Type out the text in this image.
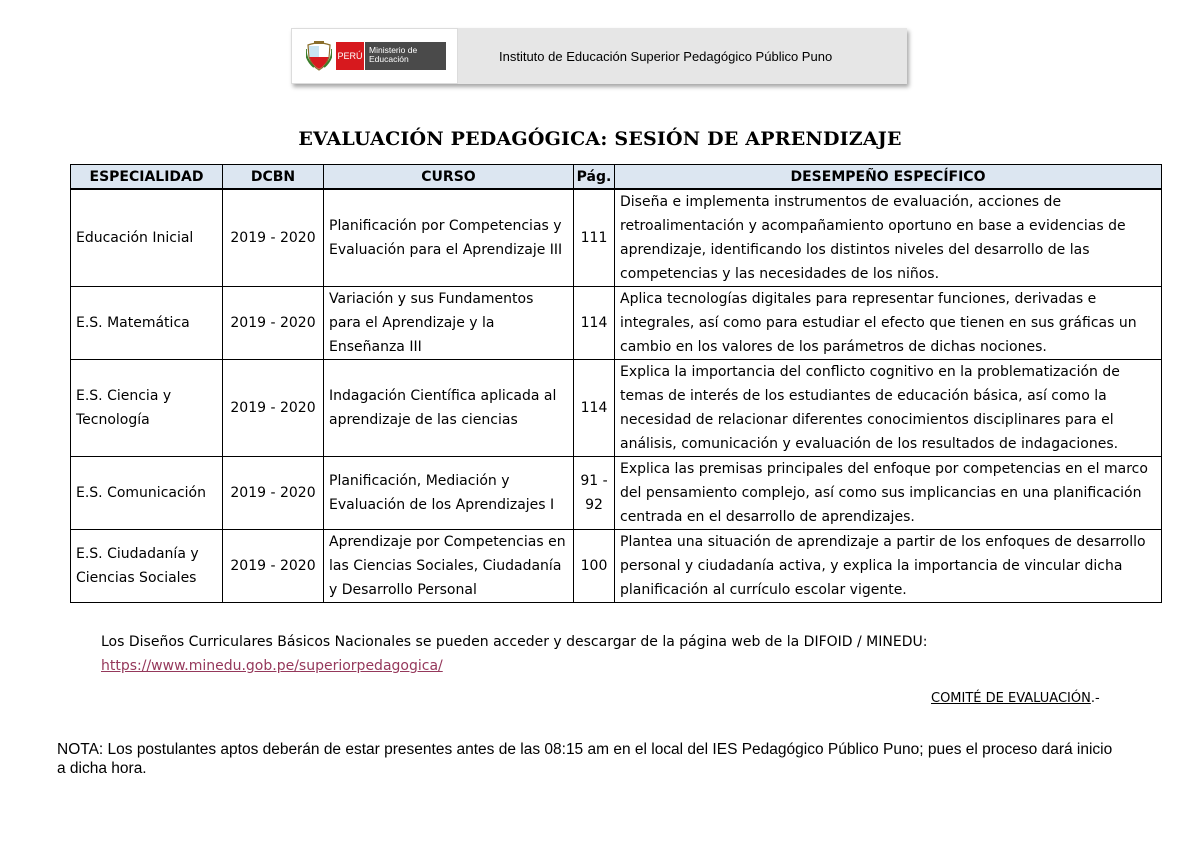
PERÚ
Ministerio de Educación	Instituto de Educación Superior Pedagógico Público Puno
EVALUACIÓN PEDAGÓGICA: SESIÓN DE APRENDIZAJE
ESPECIALIDAD	DCBN	CURSO	Pág.	DESEMPEÑO ESPECÍFICO
Educación Inicial	2019 - 2020	Planificación por Competencias y Evaluación para el Aprendizaje III	111	Diseña e implementa instrumentos de evaluación, acciones de retroalimentación y acompañamiento oportuno en base a evidencias de aprendizaje, identificando los distintos niveles del desarrollo de las competencias y las necesidades de los niños.
E.S. Matemática	2019 - 2020	Variación y sus Fundamentos para el Aprendizaje y la Enseñanza III	114	Aplica tecnologías digitales para representar funciones, derivadas e integrales, así como para estudiar el efecto que tienen en sus gráficas un cambio en los valores de los parámetros de dichas nociones.
E.S. Ciencia y Tecnología	2019 - 2020	Indagación Científica aplicada al aprendizaje de las ciencias	114	Explica la importancia del conflicto cognitivo en la problematización de temas de interés de los estudiantes de educación básica, así como la necesidad de relacionar diferentes conocimientos disciplinares para el análisis, comunicación y evaluación de los resultados de indagaciones.
E.S. Comunicación	2019 - 2020	Planificación, Mediación y Evaluación de los Aprendizajes I	91 - 92	Explica las premisas principales del enfoque por competencias en el marco del pensamiento complejo, así como sus implicancias en una planificación centrada en el desarrollo de aprendizajes.
E.S. Ciudadanía y Ciencias Sociales	2019 - 2020	Aprendizaje por Competencias en las Ciencias Sociales, Ciudadanía y Desarrollo Personal	100	Plantea una situación de aprendizaje a partir de los enfoques de desarrollo personal y ciudadanía activa, y explica la importancia de vincular dicha planificación al currículo escolar vigente.
Los Diseños Curriculares Básicos Nacionales se pueden acceder y descargar de la página web de la DIFOID / MINEDU:
https://www.minedu.gob.pe/superiorpedagogica/
COMITÉ DE EVALUACIÓN.-
NOTA: Los postulantes aptos deberán de estar presentes antes de las 08:15 am en el local del IES Pedagógico Público Puno; pues el proceso dará inicio a dicha hora.
